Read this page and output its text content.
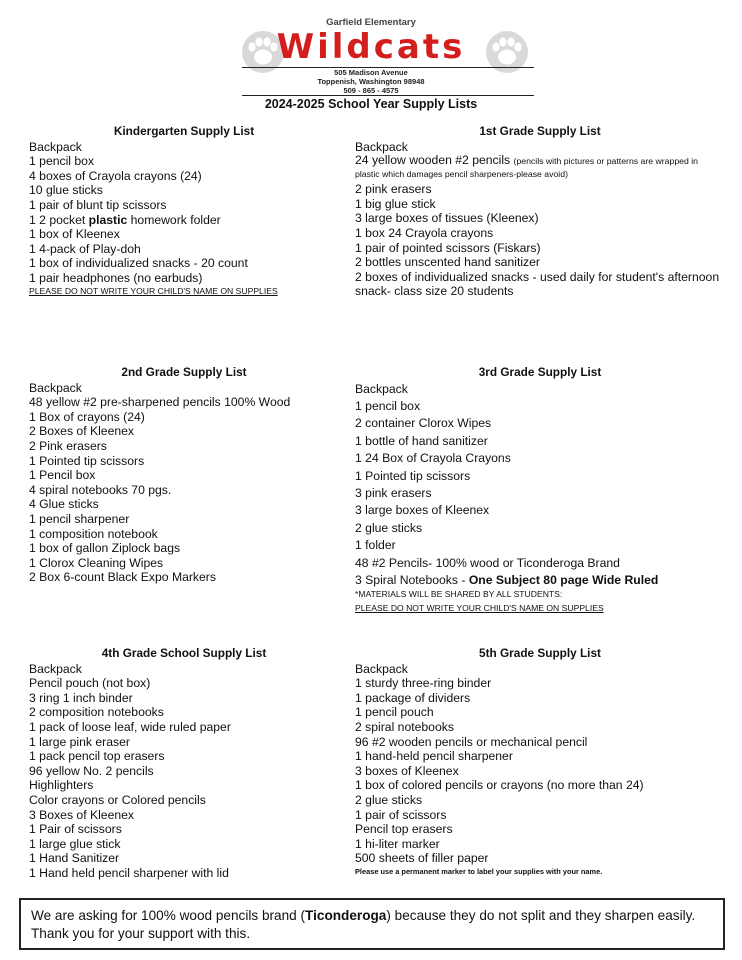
Garfield Elementary
Wildcats
505 Madison Avenue
Toppenish, Washington 98948
509 - 865 - 4575
2024-2025 School Year Supply Lists
Kindergarten Supply List
Backpack
1 pencil box
4 boxes of Crayola crayons (24)
10 glue sticks
1 pair of blunt tip scissors
1 2 pocket plastic homework folder
1 box of Kleenex
1 4-pack of Play-doh
1 box of individualized snacks - 20 count
1 pair headphones (no earbuds)
PLEASE DO NOT WRITE YOUR CHILD'S NAME ON SUPPLIES
1st Grade Supply List
Backpack
24 yellow wooden #2 pencils (pencils with pictures or patterns are wrapped in plastic which damages pencil sharpeners-please avoid)
2 pink erasers
1 big glue stick
3 large boxes of tissues (Kleenex)
1 box 24 Crayola crayons
1 pair of pointed scissors (Fiskars)
2 bottles unscented hand sanitizer
2 boxes of individualized snacks - used daily for student's afternoon snack- class size 20 students
2nd Grade Supply List
Backpack
48 yellow #2 pre-sharpened pencils 100% Wood
1 Box of crayons (24)
2 Boxes of Kleenex
2 Pink erasers
1 Pointed tip scissors
1 Pencil box
4 spiral notebooks 70 pgs.
4 Glue sticks
1 pencil sharpener
1 composition notebook
1 box of gallon Ziplock bags
1 Clorox Cleaning Wipes
2 Box 6-count Black Expo Markers
3rd Grade Supply List
Backpack
1 pencil box
2 container Clorox Wipes
1 bottle of hand sanitizer
1 24 Box of Crayola Crayons
1 Pointed tip scissors
3 pink erasers
3 large boxes of Kleenex
2 glue sticks
1 folder
48 #2 Pencils- 100% wood or Ticonderoga Brand
3 Spiral Notebooks - One Subject 80 page Wide Ruled
*MATERIALS WILL BE SHARED BY ALL STUDENTS:
PLEASE DO NOT WRITE YOUR CHILD'S NAME ON SUPPLIES
4th Grade School Supply List
Backpack
Pencil pouch (not box)
3 ring 1 inch binder
2 composition notebooks
1 pack of loose leaf, wide ruled paper
1 large pink eraser
1 pack pencil top erasers
96 yellow No. 2 pencils
Highlighters
Color crayons or Colored pencils
3 Boxes of Kleenex
1 Pair of scissors
1 large glue stick
1 Hand Sanitizer
1 Hand held pencil sharpener with lid
5th Grade Supply List
Backpack
1 sturdy three-ring binder
1 package of dividers
1 pencil pouch
2 spiral notebooks
96 #2 wooden pencils or mechanical pencil
1 hand-held pencil sharpener
3 boxes of Kleenex
1 box of colored pencils or crayons (no more than 24)
2 glue sticks
1 pair of scissors
Pencil top erasers
1 hi-liter marker
500 sheets of filler paper
Please use a permanent marker to label your supplies with your name.
We are asking for 100% wood pencils brand (Ticonderoga) because they do not split and they sharpen easily. Thank you for your support with this.
